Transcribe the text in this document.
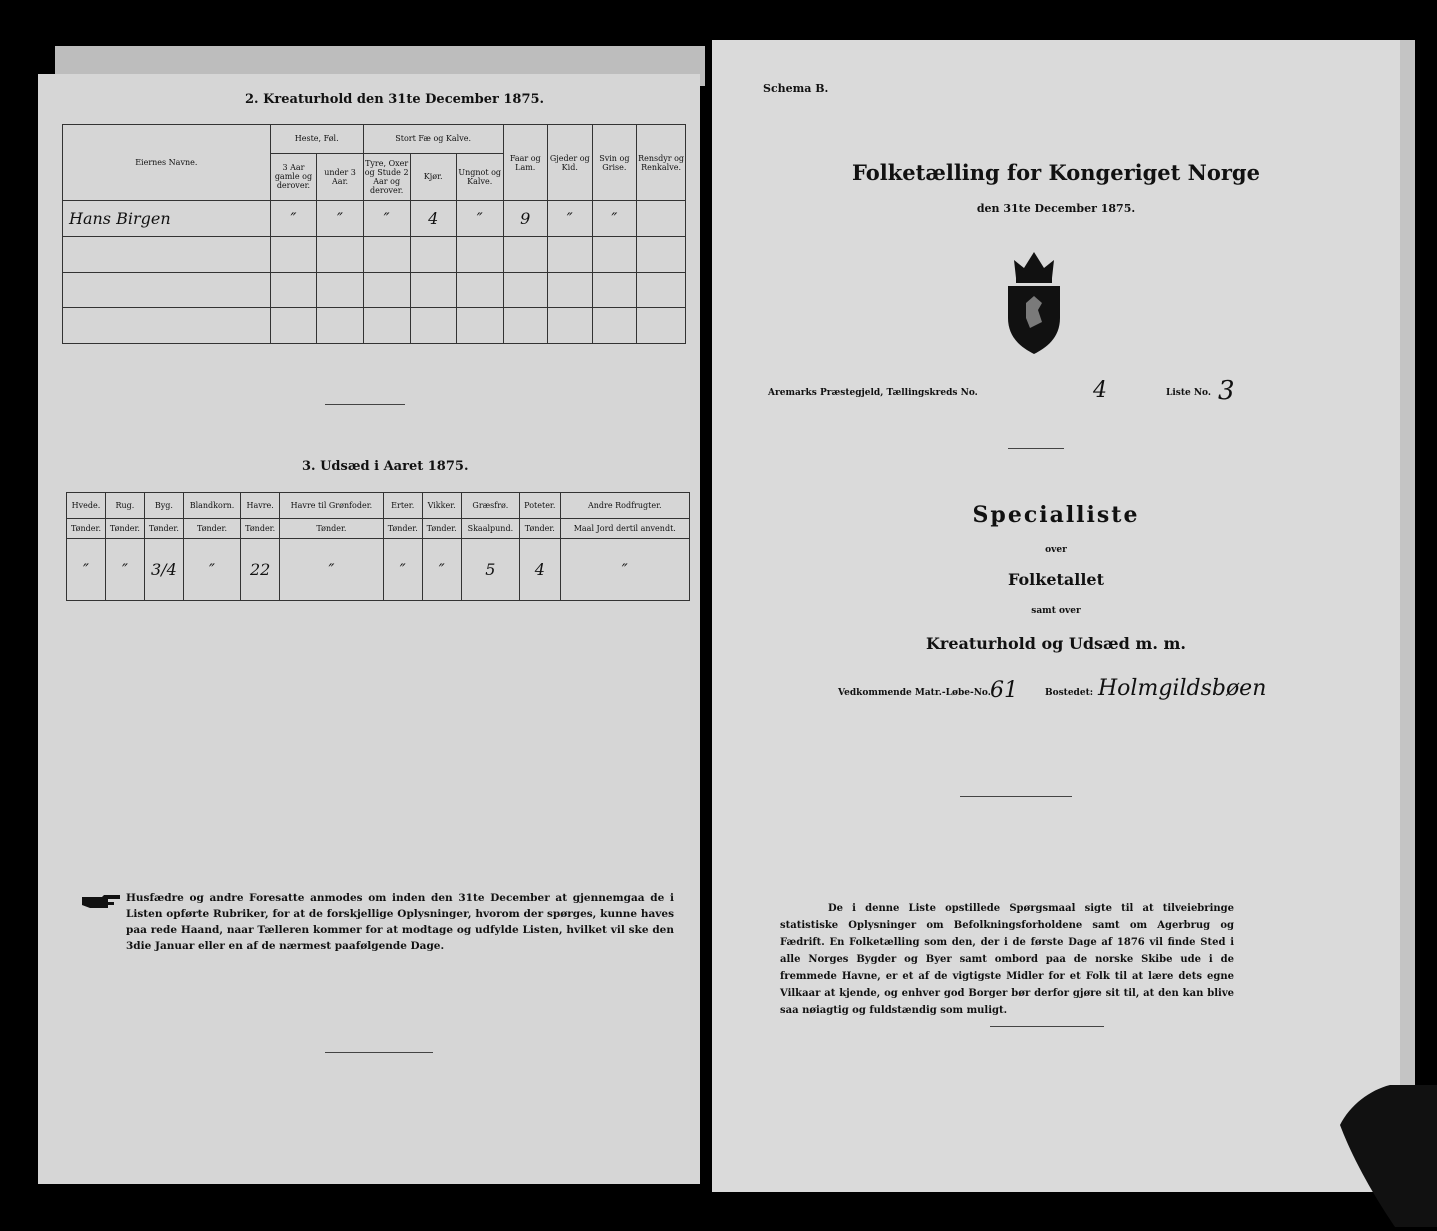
2. Kreaturhold den 31te December 1875.
Eiernes Navne.	Heste, Føl.		Stort Fæ og Kalve.			Faar og Lam.	Gjeder og Kid.	Svin og Grise.	Rensdyr og Renkalve.
	3 Aar gamle og derover.	under 3 Aar.	Tyre, Oxer og Stude 2 Aar og derover.	Kjør.	Ungnot og Kalve.				
Hans Birgen	″	″	″	4	″	9	″	″	

3. Udsæd i Aaret 1875.
Hvede.	Rug.	Byg.	Blandkorn.	Havre.	Havre til Grønfoder.	Erter.	Vikker.	Græsfrø.	Poteter.	Andre Rodfrugter.
Tønder.	Tønder.	Tønder.	Tønder.	Tønder.	Tønder.	Tønder.	Tønder.	Skaalpund.	Tønder.	Maal Jord dertil anvendt.
″	″	3/4	″	22	″	″	″	5	4	″
Husfædre og andre Foresatte anmodes om inden den 31te December at gjennemgaa de i Listen opførte Rubriker, for at de forskjellige Oplysninger, hvorom der spørges, kunne haves paa rede Haand, naar Tælleren kommer for at modtage og udfylde Listen, hvilket vil ske den 3die Januar eller en af de nærmest paafølgende Dage.
Schema B.
Folketælling for Kongeriget Norge
den 31te December 1875.
Aremarks Præstegjeld, Tællingskreds No.	4	Liste No. 3
Specialliste
over
Folketallet
samt over
Kreaturhold og Udsæd m. m.
Vedkommende Matr.-Løbe-No. 61	Bostedet: Holmgildsbøen
De i denne Liste opstillede Spørgsmaal sigte til at tilveiebringe statistiske Oplysninger om Befolkningsforholdene samt om Agerbrug og Fædrift. En Folketælling som den, der i de første Dage af 1876 vil finde Sted i alle Norges Bygder og Byer samt ombord paa de norske Skibe ude i de fremmede Havne, er et af de vigtigste Midler for et Folk til at lære dets egne Vilkaar at kjende, og enhver god Borger bør derfor gjøre sit til, at den kan blive saa nøiagtig og fuldstændig som muligt.
